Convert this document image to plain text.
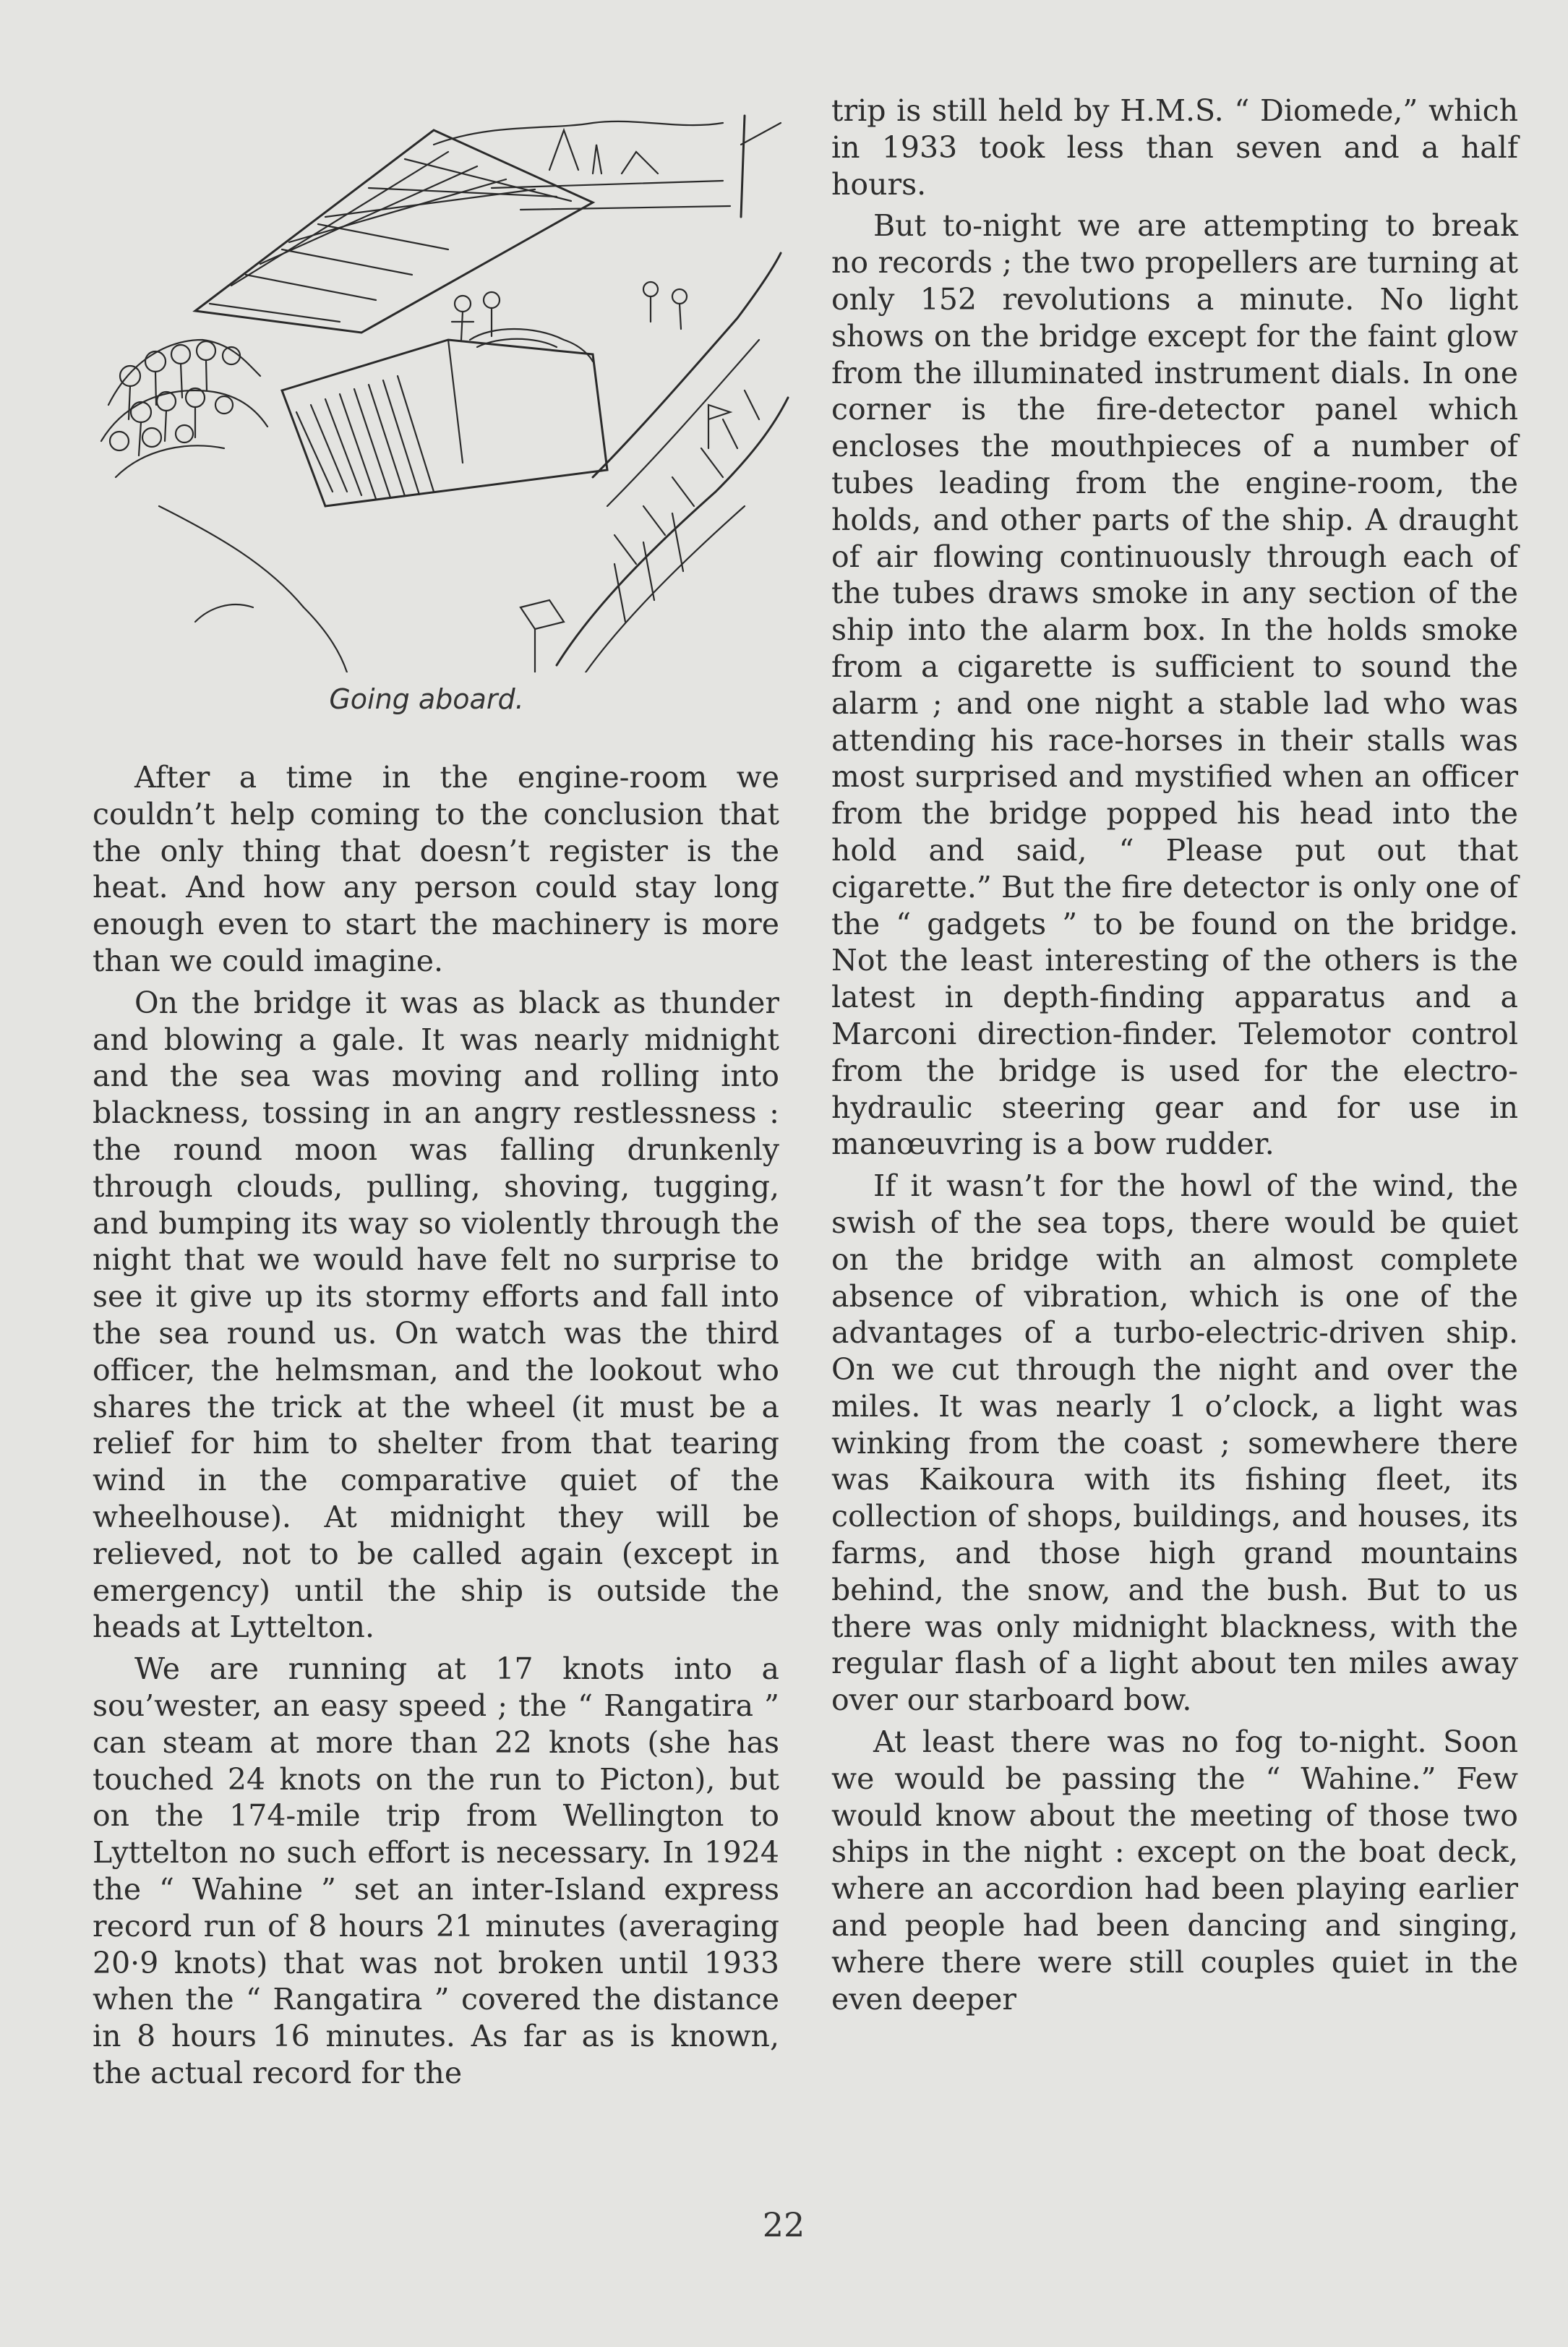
Going aboard.

After a time in the engine-room we couldn’t help coming to the conclusion that the only thing that doesn’t register is the heat. And how any person could stay long enough even to start the machinery is more than we could imagine.

On the bridge it was as black as thunder and blowing a gale. It was nearly midnight and the sea was moving and rolling into blackness, tossing in an angry restlessness : the round moon was falling drunkenly through clouds, pulling, shoving, tugging, and bumping its way so violently through the night that we would have felt no surprise to see it give up its stormy efforts and fall into the sea round us. On watch was the third officer, the helmsman, and the lookout who shares the trick at the wheel (it must be a relief for him to shelter from that tearing wind in the comparative quiet of the wheelhouse). At midnight they will be relieved, not to be called again (except in emergency) until the ship is outside the heads at Lyttelton.

We are running at 17 knots into a sou’wester, an easy speed ; the “ Rangatira ” can steam at more than 22 knots (she has touched 24 knots on the run to Picton), but on the 174-mile trip from Wellington to Lyttelton no such effort is necessary. In 1924 the “ Wahine ” set an inter-Island express record run of 8 hours 21 minutes (averaging 20·9 knots) that was not broken until 1933 when the “ Rangatira ” covered the distance in 8 hours 16 minutes. As far as is known, the actual record for the

trip is still held by H.M.S. “ Diomede,” which in 1933 took less than seven and a half hours.

But to-night we are attempting to break no records ; the two propellers are turning at only 152 revolutions a minute. No light shows on the bridge except for the faint glow from the illuminated instrument dials. In one corner is the fire-detector panel which encloses the mouthpieces of a number of tubes leading from the engine-room, the holds, and other parts of the ship. A draught of air flowing continuously through each of the tubes draws smoke in any section of the ship into the alarm box. In the holds smoke from a cigarette is sufficient to sound the alarm ; and one night a stable lad who was attending his race-horses in their stalls was most surprised and mystified when an officer from the bridge popped his head into the hold and said, “ Please put out that cigarette.” But the fire detector is only one of the “ gadgets ” to be found on the bridge. Not the least interesting of the others is the latest in depth-finding apparatus and a Marconi direction-finder. Telemotor control from the bridge is used for the electro-hydraulic steering gear and for use in manœuvring is a bow rudder.

If it wasn’t for the howl of the wind, the swish of the sea tops, there would be quiet on the bridge with an almost complete absence of vibration, which is one of the advantages of a turbo-electric-driven ship. On we cut through the night and over the miles. It was nearly 1 o’clock, a light was winking from the coast ; somewhere there was Kaikoura with its fishing fleet, its collection of shops, buildings, and houses, its farms, and those high grand mountains behind, the snow, and the bush. But to us there was only midnight blackness, with the regular flash of a light about ten miles away over our starboard bow.

At least there was no fog to-night. Soon we would be passing the “ Wahine.” Few would know about the meeting of those two ships in the night : except on the boat deck, where an accordion had been playing earlier and people had been dancing and singing, where there were still couples quiet in the even deeper

22
